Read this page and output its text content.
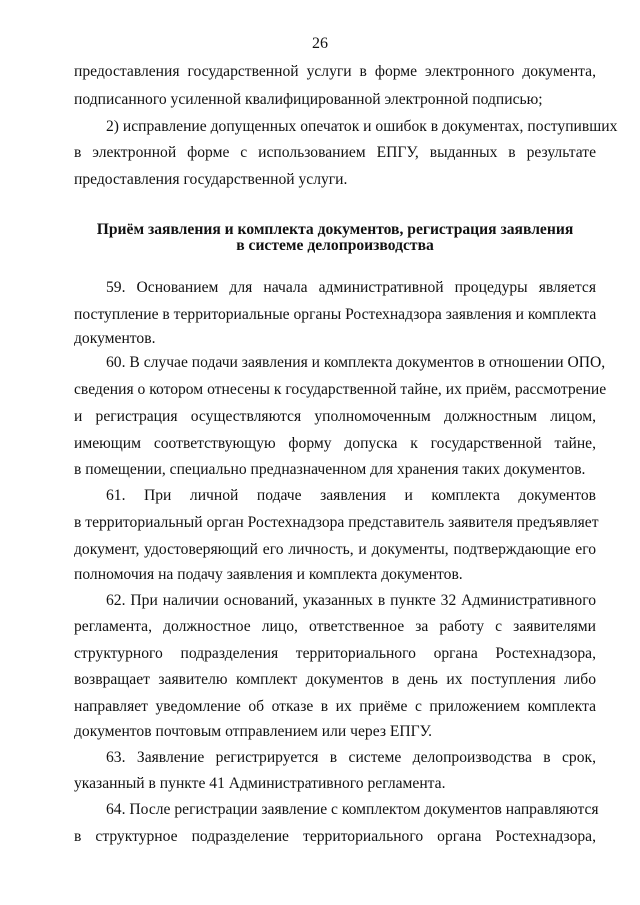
26
предоставления государственной услуги в форме электронного документа,
подписанного усиленной квалифицированной электронной подписью;
2) исправление допущенных опечаток и ошибок в документах, поступивших
в электронной форме с использованием ЕПГУ, выданных в результате
предоставления государственной услуги.
Приём заявления и комплекта документов, регистрация заявления
в системе делопроизводства
59. Основанием для начала административной процедуры является
поступление в территориальные органы Ростехнадзора заявления и комплекта
документов.
60. В случае подачи заявления и комплекта документов в отношении ОПО,
сведения о котором отнесены к государственной тайне, их приём, рассмотрение
и регистрация осуществляются уполномоченным должностным лицом,
имеющим соответствующую форму допуска к государственной тайне,
в помещении, специально предназначенном для хранения таких документов.
61. При личной подаче заявления и комплекта документов
в территориальный орган Ростехнадзора представитель заявителя предъявляет
документ, удостоверяющий его личность, и документы, подтверждающие его
полномочия на подачу заявления и комплекта документов.
62. При наличии оснований, указанных в пункте 32 Административного
регламента, должностное лицо, ответственное за работу с заявителями
структурного подразделения территориального органа Ростехнадзора,
возвращает заявителю комплект документов в день их поступления либо
направляет уведомление об отказе в их приёме с приложением комплекта
документов почтовым отправлением или через ЕПГУ.
63. Заявление регистрируется в системе делопроизводства в срок,
указанный в пункте 41 Административного регламента.
64. После регистрации заявление с комплектом документов направляются
в структурное подразделение территориального органа Ростехнадзора,
